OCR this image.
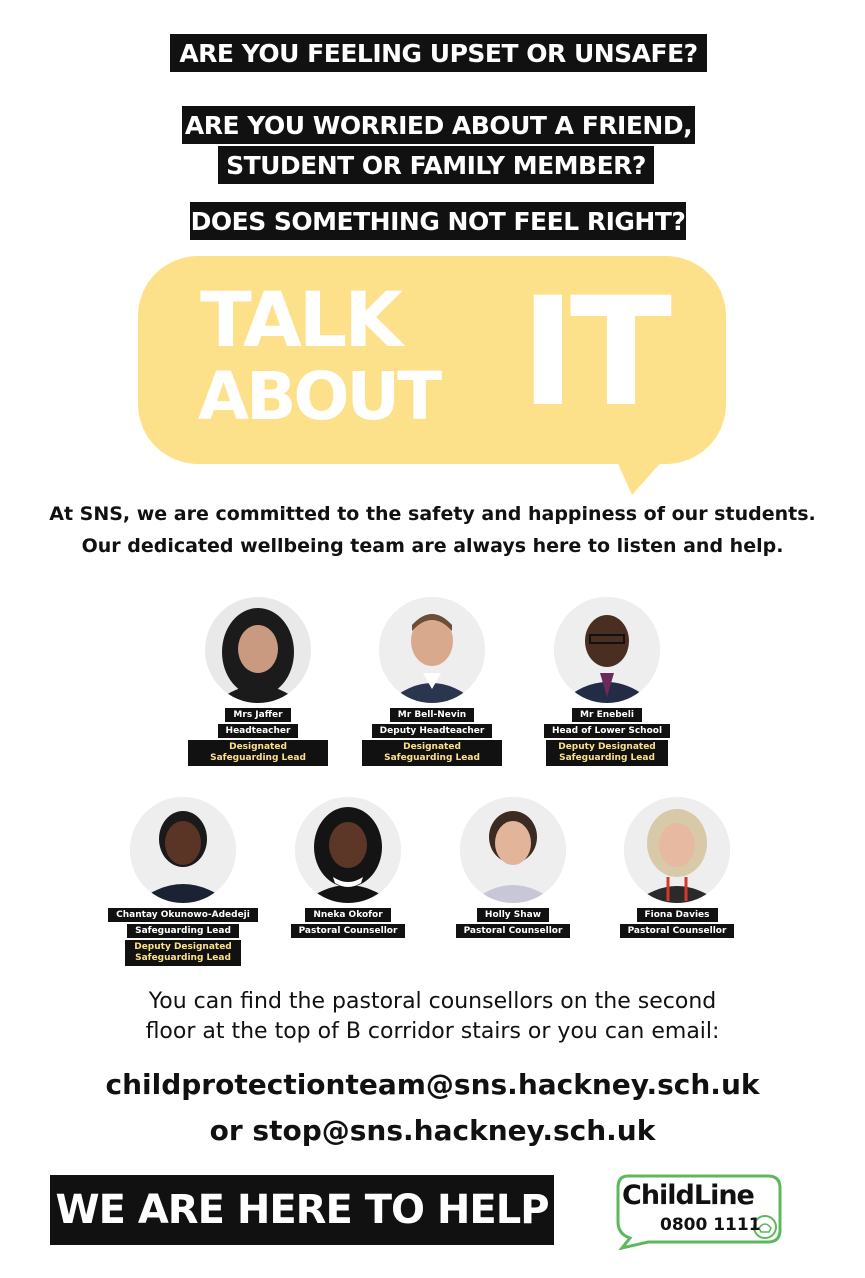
ARE YOU FEELING UPSET OR UNSAFE?
ARE YOU WORRIED ABOUT A FRIEND,
STUDENT OR FAMILY MEMBER?
DOES SOMETHING NOT FEEL RIGHT?
TALK
ABOUT IT
At SNS, we are committed to the safety and happiness of our students.
Our dedicated wellbeing team are always here to listen and help.
Mrs Jaffer
Headteacher
Designated Safeguarding Lead
Mr Bell-Nevin
Deputy Headteacher
Designated Safeguarding Lead
Mr Enebeli
Head of Lower School
Deputy Designated Safeguarding Lead
Chantay Okunowo-Adedeji
Safeguarding Lead
Deputy Designated Safeguarding Lead
Nneka Okofor
Pastoral Counsellor
Holly Shaw
Pastoral Counsellor
Fiona Davies
Pastoral Counsellor
You can find the pastoral counsellors on the second
floor at the top of B corridor stairs or you can email:
childprotectionteam@sns.hackney.sch.uk
or stop@sns.hackney.sch.uk
WE ARE HERE TO HELP	ChildLine
0800 1111
